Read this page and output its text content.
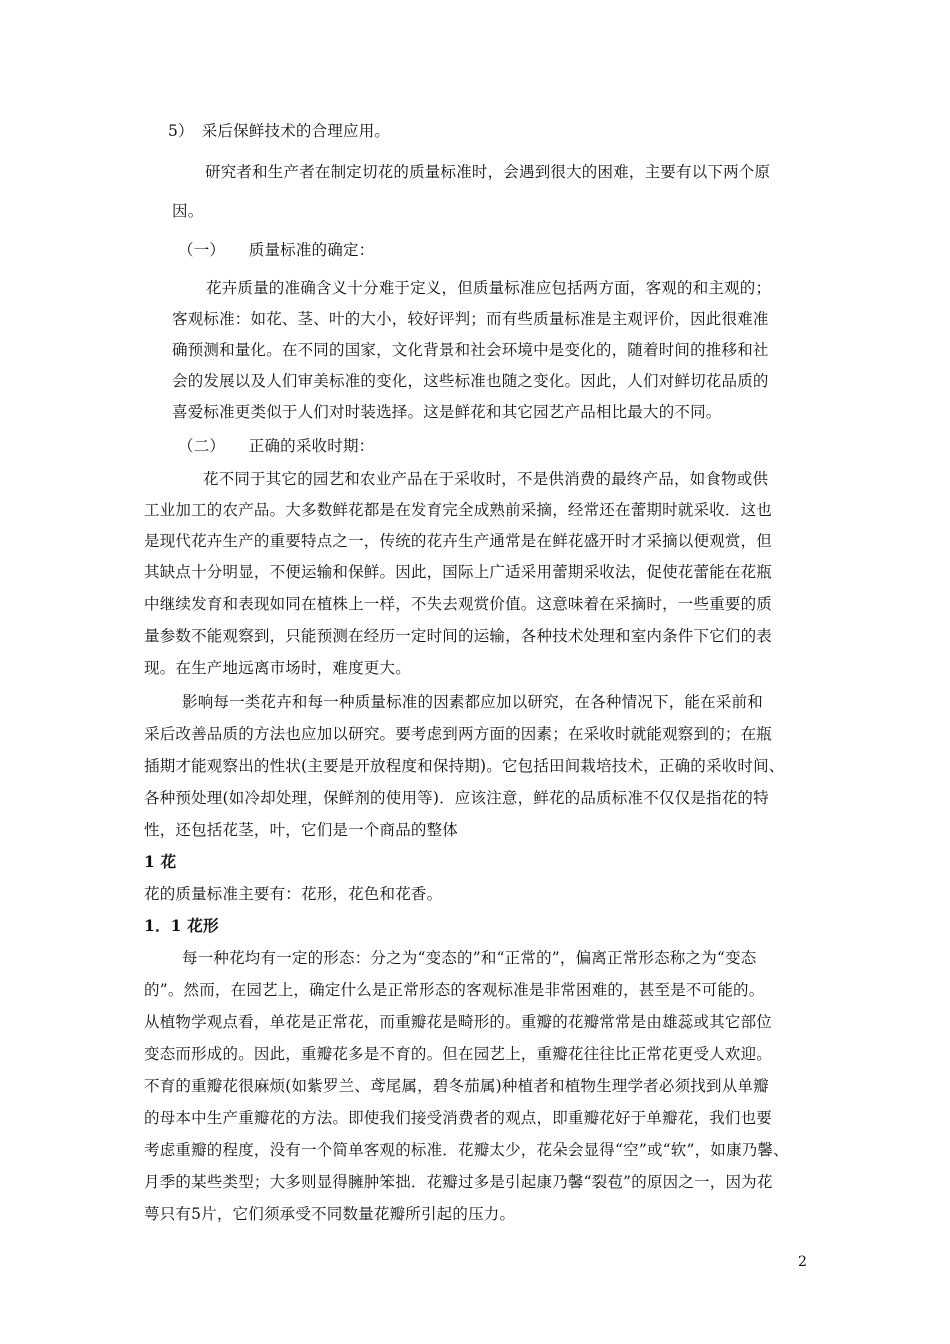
5）　采后保鲜技术的合理应用。
研究者和生产者在制定切花的质量标准时，会遇到很大的困难，主要有以下两个原
因。
（一）　　质量标准的确定：
花卉质量的准确含义十分难于定义，但质量标准应包括两方面，客观的和主观的；
客观标准：如花、茎、叶的大小，较好评判；而有些质量标准是主观评价，因此很难准
确预测和量化。在不同的国家，文化背景和社会环境中是变化的，随着时间的推移和社
会的发展以及人们审美标准的变化，这些标准也随之变化。因此，人们对鲜切花品质的
喜爱标准更类似于人们对时装选择。这是鲜花和其它园艺产品相比最大的不同。
（二）　　正确的采收时期：
花不同于其它的园艺和农业产品在于采收时，不是供消费的最终产品，如食物或供
工业加工的农产品。大多数鲜花都是在发育完全成熟前采摘，经常还在蕾期时就采收．这也
是现代花卉生产的重要特点之一，传统的花卉生产通常是在鲜花盛开时才采摘以便观赏，但
其缺点十分明显，不便运输和保鲜。因此，国际上广适采用蕾期采收法，促使花蕾能在花瓶
中继续发育和表现如同在植株上一样，不失去观赏价值。这意味着在采摘时，一些重要的质
量参数不能观察到，只能预测在经历一定时间的运输，各种技术处理和室内条件下它们的表
现。在生产地远离市场时，难度更大。
影响每一类花卉和每一种质量标准的因素都应加以研究，在各种情况下，能在采前和
采后改善品质的方法也应加以研究。要考虑到两方面的因素；在采收时就能观察到的；在瓶
插期才能观察出的性状(主要是开放程度和保持期)。它包括田间栽培技术，正确的采收时间、
各种预处理(如冷却处理，保鲜剂的使用等)．应该注意，鲜花的品质标准不仅仅是指花的特
性，还包括花茎，叶，它们是一个商品的整体
1 花
花的质量标准主要有：花形，花色和花香。
1．1 花形
每一种花均有一定的形态：分之为“变态的”和“正常的”，偏离正常形态称之为“变态
的”。然而，在园艺上，确定什么是正常形态的客观标准是非常困难的，甚至是不可能的。
从植物学观点看，单花是正常花，而重瓣花是畸形的。重瓣的花瓣常常是由雄蕊或其它部位
变态而形成的。因此，重瓣花多是不育的。但在园艺上，重瓣花往往比正常花更受人欢迎。
不育的重瓣花很麻烦(如紫罗兰、鸢尾属，碧冬茄属)种植者和植物生理学者必须找到从单瓣
的母本中生产重瓣花的方法。即使我们接受消费者的观点，即重瓣花好于单瓣花，我们也要
考虑重瓣的程度，没有一个简单客观的标准．花瓣太少，花朵会显得“空”或“软”，如康乃馨、
月季的某些类型；大多则显得臃肿笨拙．花瓣过多是引起康乃馨“裂苞”的原因之一，因为花
萼只有5片，它们须承受不同数量花瓣所引起的压力。
2
